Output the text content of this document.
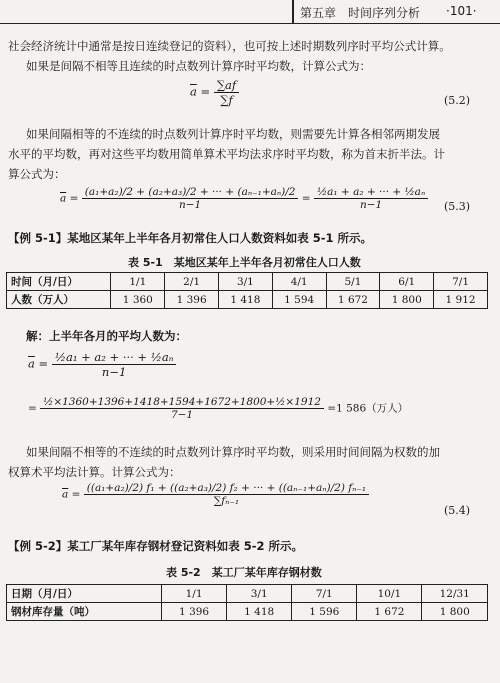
第五章　时间序列分析 ·101·
社会经济统计中通常是按日连续登记的资料），也可按上述时期数列序时平均公式计算。
如果是间隔不相等且连续的时点数列计算序时平均数，计算公式为：
$\overline{a} = \frac{\sum af}{\sum f}$	(5.2)
如果间隔相等的不连续的时点数列计算序时平均数，则需要先计算各相邻两期发展
水平的平均数，再对这些平均数用简单算术平均法求序时平均数，称为首末折半法。计
算公式为：
$\overline{a} = \frac{\text{(a₁+a₂)/2 + (a₂+a₃)/2 + ··· + (aₙ₋₁+aₙ)/2}}{n-1} = \frac{\text{½a₁ + a₂ + ··· + ½aₙ}}{n-1} (5.3)$
【例 5-1】某地区某年上半年各月初常住人口人数资料如表 5-1 所示。
表 5-1　某地区某年上半年各月初常住人口人数
时间（月/日）	1/1	2/1	3/1	4/1	5/1	6/1	7/1
人数（万人）	1 360	1 396	1 418	1 594	1 672	1 800	1 912
解：上半年各月的平均人数为：
$\overline{a} = \frac{\text{½a₁ + a₂ + ··· + ½aₙ}}{n-1}$
= $\frac{\text{½×1360+1396+1418+1594+1672+1800+½×1912}}{7-1} =1$ 586（万人）
如果间隔不相等的不连续的时点数列计算序时平均数，则采用时间间隔为权数的加
权算术平均法计算。计算公式为：
$\overline{a} = \frac{\text{((a₁+a₂)/2) f₁ + ((a₂+a₃)/2) f₂ + ··· + ((aₙ₋₁+aₙ)/2) fₙ₋₁}}{\text{∑fₙ₋₁}}$
(5.4)
【例 5-2】某工厂某年库存钢材登记资料如表 5-2 所示。
表 5-2　某工厂某年库存钢材数
日期（月/日）	1/1	3/1	7/1	10/1	12/31
钢材库存量（吨）	1 396	1 418	1 596	1 672	1 800
